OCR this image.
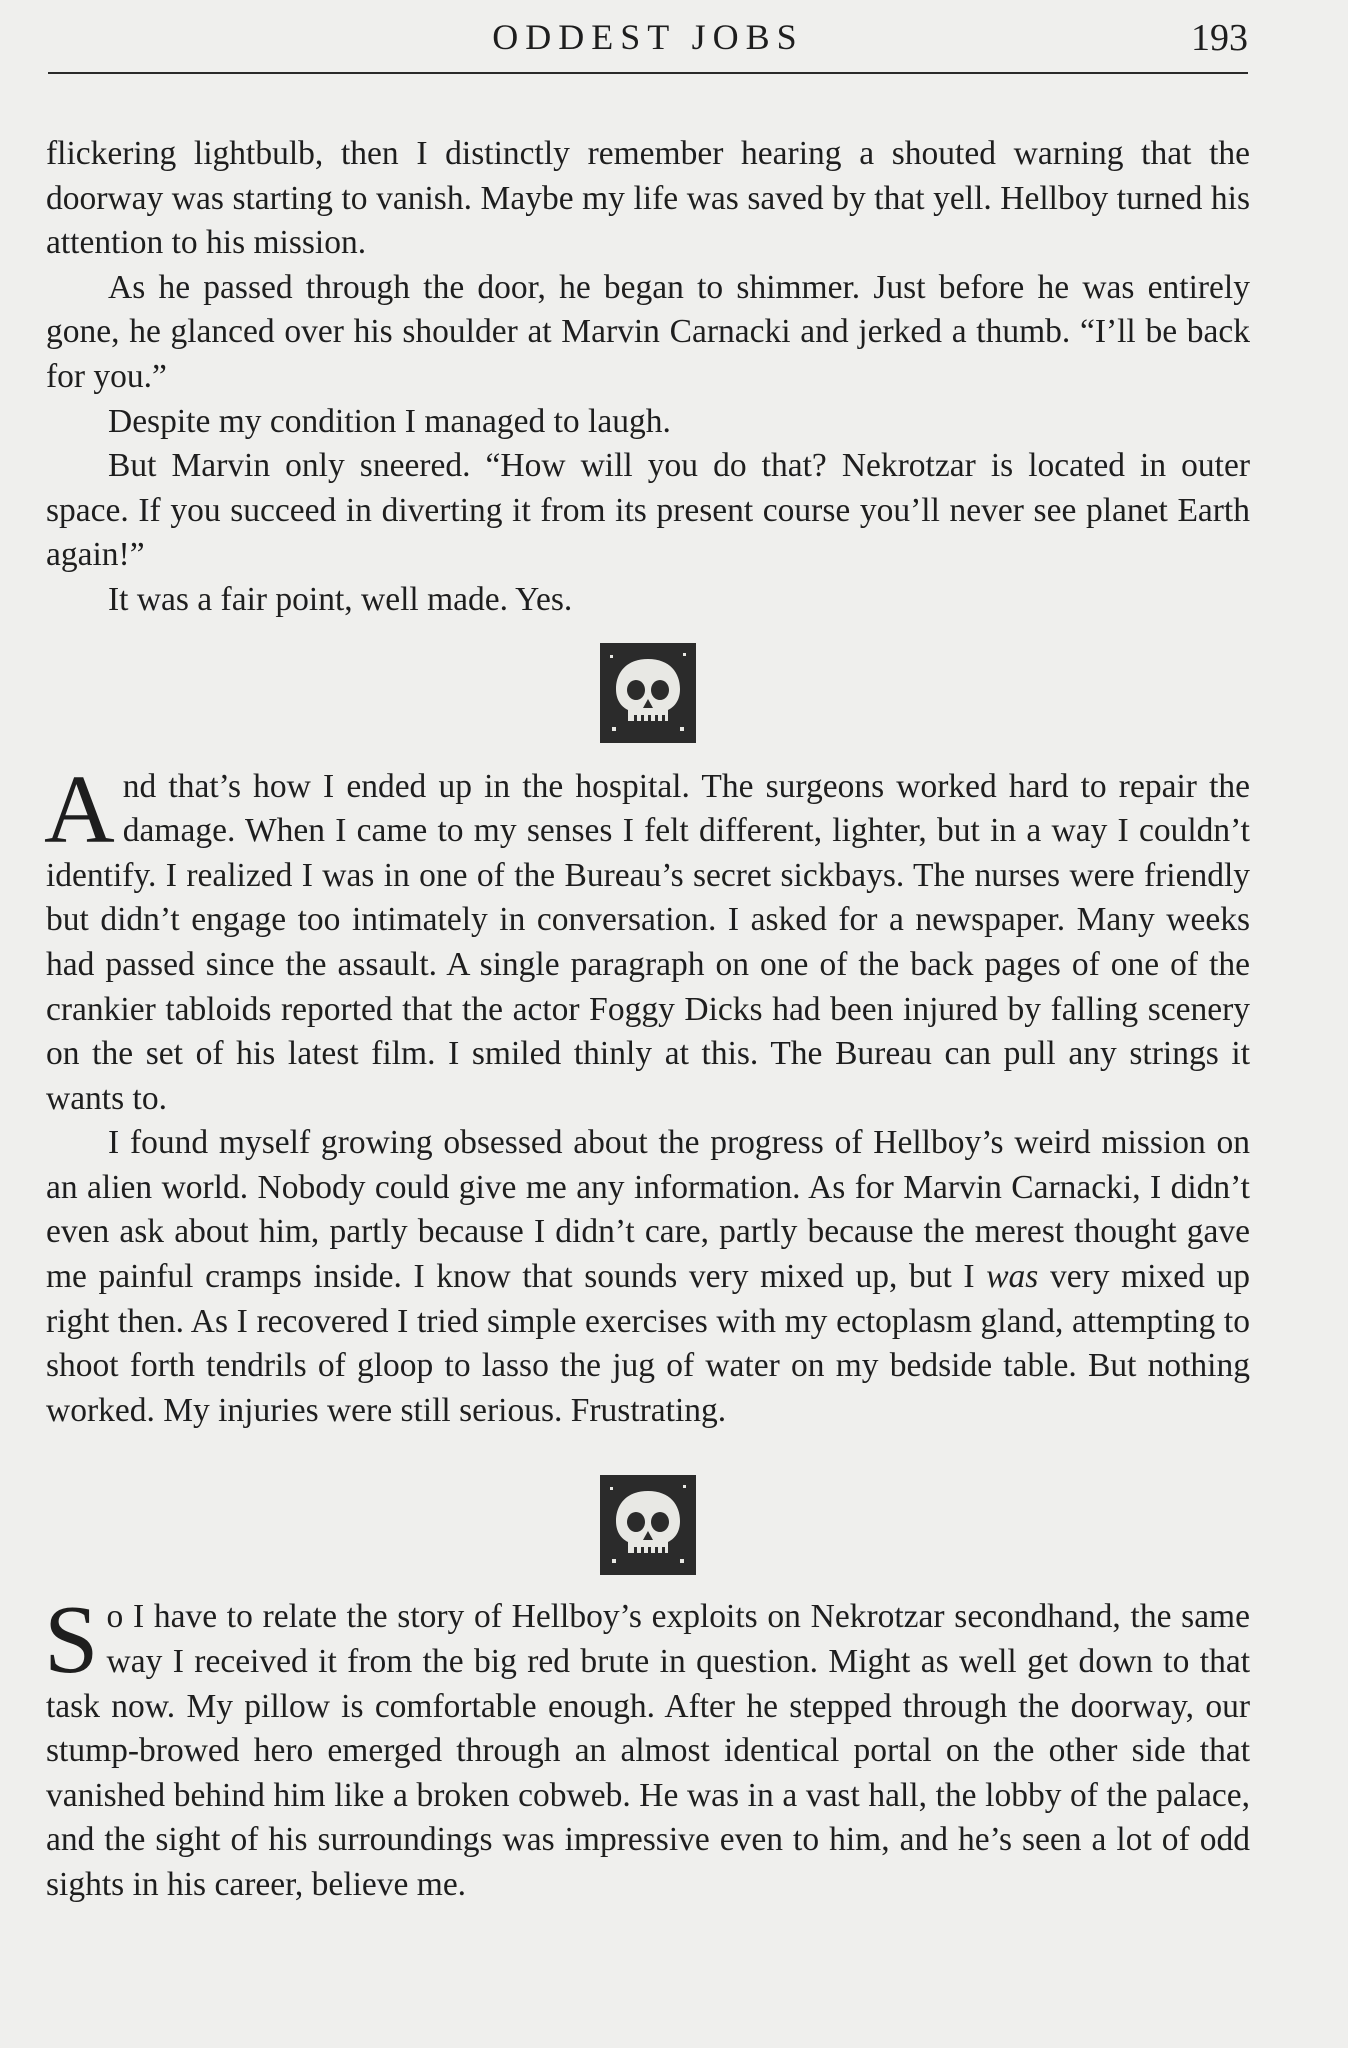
ODDEST JOBS	193

flickering lightbulb, then I distinctly remember hearing a shouted warning that the doorway was starting to vanish. Maybe my life was saved by that yell. Hellboy turned his attention to his mission.

As he passed through the door, he began to shimmer. Just before he was entirely gone, he glanced over his shoulder at Marvin Carnacki and jerked a thumb. “I’ll be back for you.”

Despite my condition I managed to laugh.

But Marvin only sneered. “How will you do that? Nekrotzar is located in outer space. If you succeed in diverting it from its present course you’ll never see planet Earth again!”

It was a fair point, well made. Yes.

And that’s how I ended up in the hospital. The surgeons worked hard to repair the damage. When I came to my senses I felt different, lighter, but in a way I couldn’t identify. I realized I was in one of the Bureau’s secret sickbays. The nurses were friendly but didn’t engage too intimately in conversation. I asked for a newspaper. Many weeks had passed since the assault. A single paragraph on one of the back pages of one of the crankier tabloids reported that the actor Foggy Dicks had been injured by falling scenery on the set of his latest film. I smiled thinly at this. The Bureau can pull any strings it wants to.

I found myself growing obsessed about the progress of Hellboy’s weird mission on an alien world. Nobody could give me any information. As for Marvin Carnacki, I didn’t even ask about him, partly because I didn’t care, partly because the merest thought gave me painful cramps inside. I know that sounds very mixed up, but I was very mixed up right then. As I recovered I tried simple exercises with my ectoplasm gland, attempting to shoot forth tendrils of gloop to lasso the jug of water on my bedside table. But nothing worked. My injuries were still serious. Frustrating.

So I have to relate the story of Hellboy’s exploits on Nekrotzar secondhand, the same way I received it from the big red brute in question. Might as well get down to that task now. My pillow is comfortable enough. After he stepped through the doorway, our stump-browed hero emerged through an almost identical portal on the other side that vanished behind him like a broken cobweb. He was in a vast hall, the lobby of the palace, and the sight of his surroundings was impressive even to him, and he’s seen a lot of odd sights in his career, believe me.
